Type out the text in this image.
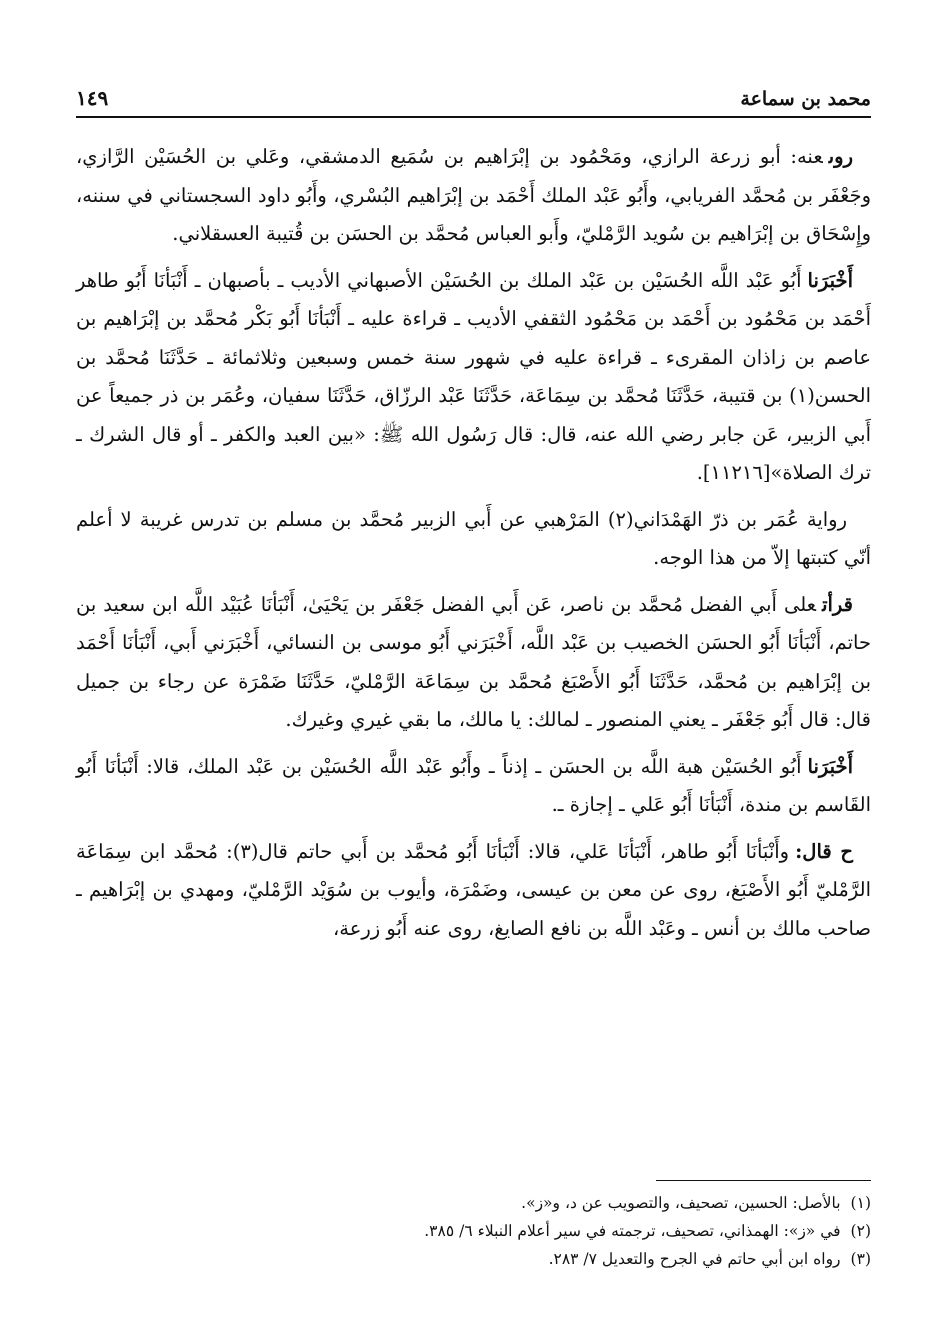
محمد بن سماعة
١٤٩

روىعنه: أبو زرعة الرازي، ومَحْمُود بن إبْرَاهيم بن سُمَيع الدمشقي، وعَلي بن الحُسَيْن الرَّازي، وجَعْفَر بن مُحمَّد الفريابي، وأَبُو عَبْد الملك أَحْمَد بن إبْرَاهيم البُسْري، وأَبُو داود السجستاني في سننه، وإِسْحَاق بن إبْرَاهيم بن سُويد الرَّمْليّ، وأَبو العباس مُحمَّد بن الحسَن بن قُتيبة العسقلاني.

أَخْبَرَناأَبُو عَبْد اللَّه الحُسَيْن بن عَبْد الملك بن الحُسَيْن الأصبهاني الأديب ـ بأصبهان ـ أَنْبَأنَا أَبُو طاهر أَحْمَد بن مَحْمُود بن أَحْمَد بن مَحْمُود الثقفي الأديب ـ قراءة عليه ـ أَنْبَأنَا أَبُو بَكْر مُحمَّد بن إبْرَاهيم بن عاصم بن زاذان المقرىء ـ قراءة عليه في شهور سنة خمس وسبعين وثلاثمائة ـ حَدَّثَنَا مُحمَّد بن الحسن(١) بن قتيبة، حَدَّثَنَا مُحمَّد بن سِمَاعَة، حَدَّثَنَا عَبْد الرزّاق، حَدَّثَنَا سفيان، وعُمَر بن ذر جميعاً عن أَبي الزبير، عَن جابر رضي الله عنه، قال: قال رَسُول الله ﷺ: «بين العبد والكفر ـ أو قال الشرك ـ ترك الصلاة»[١١٢١٦].

رواية عُمَر بن ذرّ الهَمْدَاني(٢) المَرْهبي عن أَبي الزبير مُحمَّد بن مسلم بن تدرس غريبة لا أعلم أنّي كتبتها إلاّ من هذا الوجه.

قرأتعلى أَبي الفضل مُحمَّد بن ناصر، عَن أَبي الفضل جَعْفَر بن يَحْيَىٰ، أَنْبَأنَا عُبَيْد اللَّه ابن سعيد بن حاتم، أَنْبَأنَا أَبُو الحسَن الخصيب بن عَبْد اللَّه، أَخْبَرَني أَبُو موسى بن النسائي، أَخْبَرَني أَبي، أَنْبَأنَا أَحْمَد بن إبْرَاهيم بن مُحمَّد، حَدَّثَنَا أَبُو الأَصْبَغ مُحمَّد بن سِمَاعَة الرَّمْليّ، حَدَّثَنَا ضَمْرَة عن رجاء بن جميل قال: قال أَبُو جَعْفَر ـ يعني المنصور ـ لمالك: يا مالك، ما بقي غيري وغيرك.

أَخْبَرَناأَبُو الحُسَيْن هبة اللَّه بن الحسَن ـ إذناً ـ وأَبُو عَبْد اللَّه الحُسَيْن بن عَبْد الملك، قالا: أَنْبَأنَا أَبُو القَاسم بن مندة، أَنْبَأنَا أَبُو عَلي ـ إجازة ـ.

ح قال:وأَنْبَأنَا أَبُو طاهر، أَنْبَأنَا عَلي، قالا: أَنْبَأنَا أَبُو مُحمَّد بن أَبي حاتم قال(٣): مُحمَّد ابن سِمَاعَة الرَّمْليّ أَبُو الأَصْبَغ، روى عن معن بن عيسى، وضَمْرَة، وأيوب بن سُوَيْد الرَّمْليّ، ومهدي بن إبْرَاهيم ـ صاحب مالك بن أنس ـ وعَبْد اللَّه بن نافع الصايغ، روى عنه أَبُو زرعة،

(١)
بالأصل: الحسين، تصحيف، والتصويب عن د، و«ز».
(٢)
في «ز»: الهمذاني، تصحيف، ترجمته في سير أعلام النبلاء ٦/ ٣٨٥.
(٣)
رواه ابن أبي حاتم في الجرح والتعديل ٧/ ٢٨٣.
